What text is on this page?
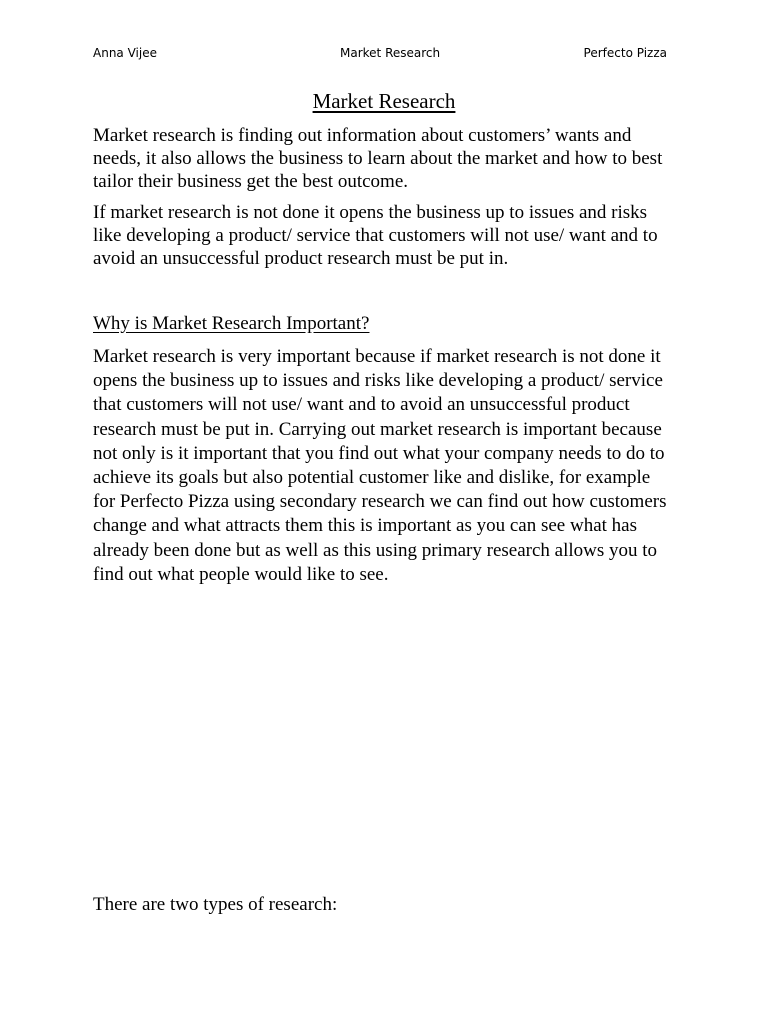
Anna Vijee	Market Research	Perfecto Pizza
Market Research

Market research is finding out information about customers’ wants and needs, it also allows the business to learn about the market and how to best tailor their business get the best outcome.

If market research is not done it opens the business up to issues and risks like developing a product/ service that customers will not use/ want and to avoid an unsuccessful product research must be put in.

Why is Market Research Important?

Market research is very important because if market research is not done it opens the business up to issues and risks like developing a product/ service that customers will not use/ want and to avoid an unsuccessful product research must be put in. Carrying out market research is important because not only is it important that you find out what your company needs to do to achieve its goals but also potential customer like and dislike, for example for Perfecto Pizza using secondary research we can find out how customers change and what attracts them this is important as you can see what has already been done but as well as this using primary research allows you to find out what people would like to see.

There are two types of research:
